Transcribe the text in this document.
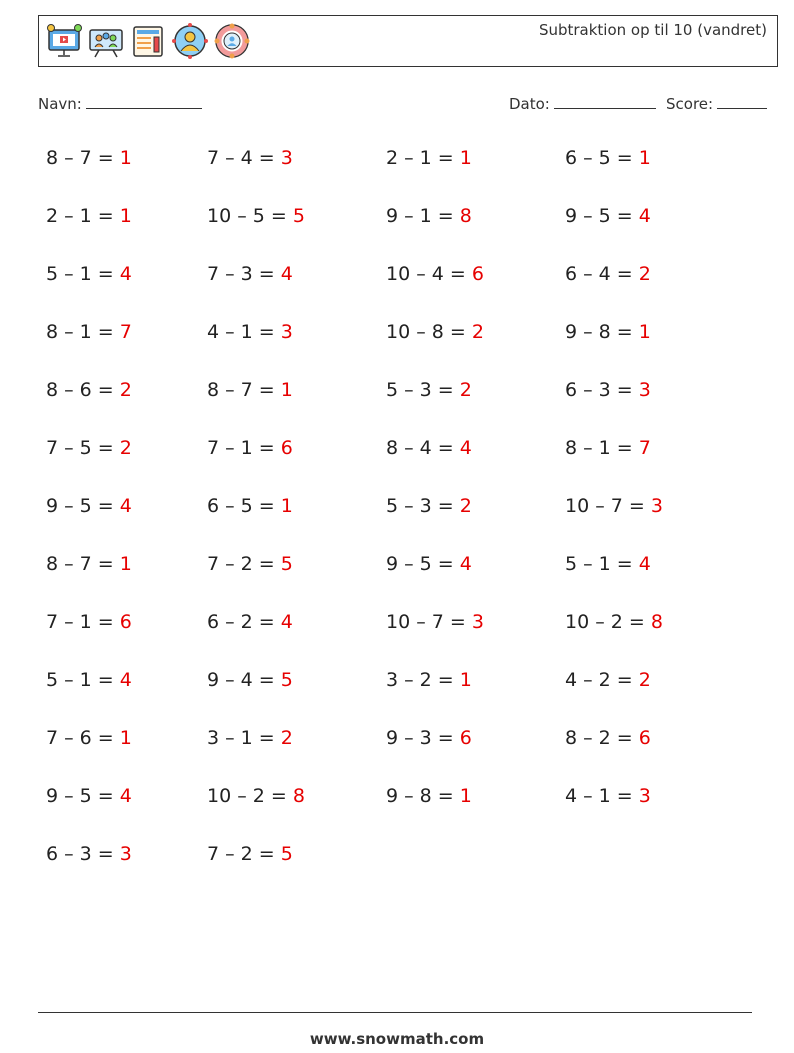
Subtraktion op til 10 (vandret)
Navn:	Dato:	Score:
8 – 7 = 1	7 – 4 = 3	2 – 1 = 1	6 – 5 = 1
2 – 1 = 1	10 – 5 = 5	9 – 1 = 8	9 – 5 = 4
5 – 1 = 4	7 – 3 = 4	10 – 4 = 6	6 – 4 = 2
8 – 1 = 7	4 – 1 = 3	10 – 8 = 2	9 – 8 = 1
8 – 6 = 2	8 – 7 = 1	5 – 3 = 2	6 – 3 = 3
7 – 5 = 2	7 – 1 = 6	8 – 4 = 4	8 – 1 = 7
9 – 5 = 4	6 – 5 = 1	5 – 3 = 2	10 – 7 = 3
8 – 7 = 1	7 – 2 = 5	9 – 5 = 4	5 – 1 = 4
7 – 1 = 6	6 – 2 = 4	10 – 7 = 3	10 – 2 = 8
5 – 1 = 4	9 – 4 = 5	3 – 2 = 1	4 – 2 = 2
7 – 6 = 1	3 – 1 = 2	9 – 3 = 6	8 – 2 = 6
9 – 5 = 4	10 – 2 = 8	9 – 8 = 1	4 – 1 = 3
6 – 3 = 3	7 – 2 = 5
www.snowmath.com
